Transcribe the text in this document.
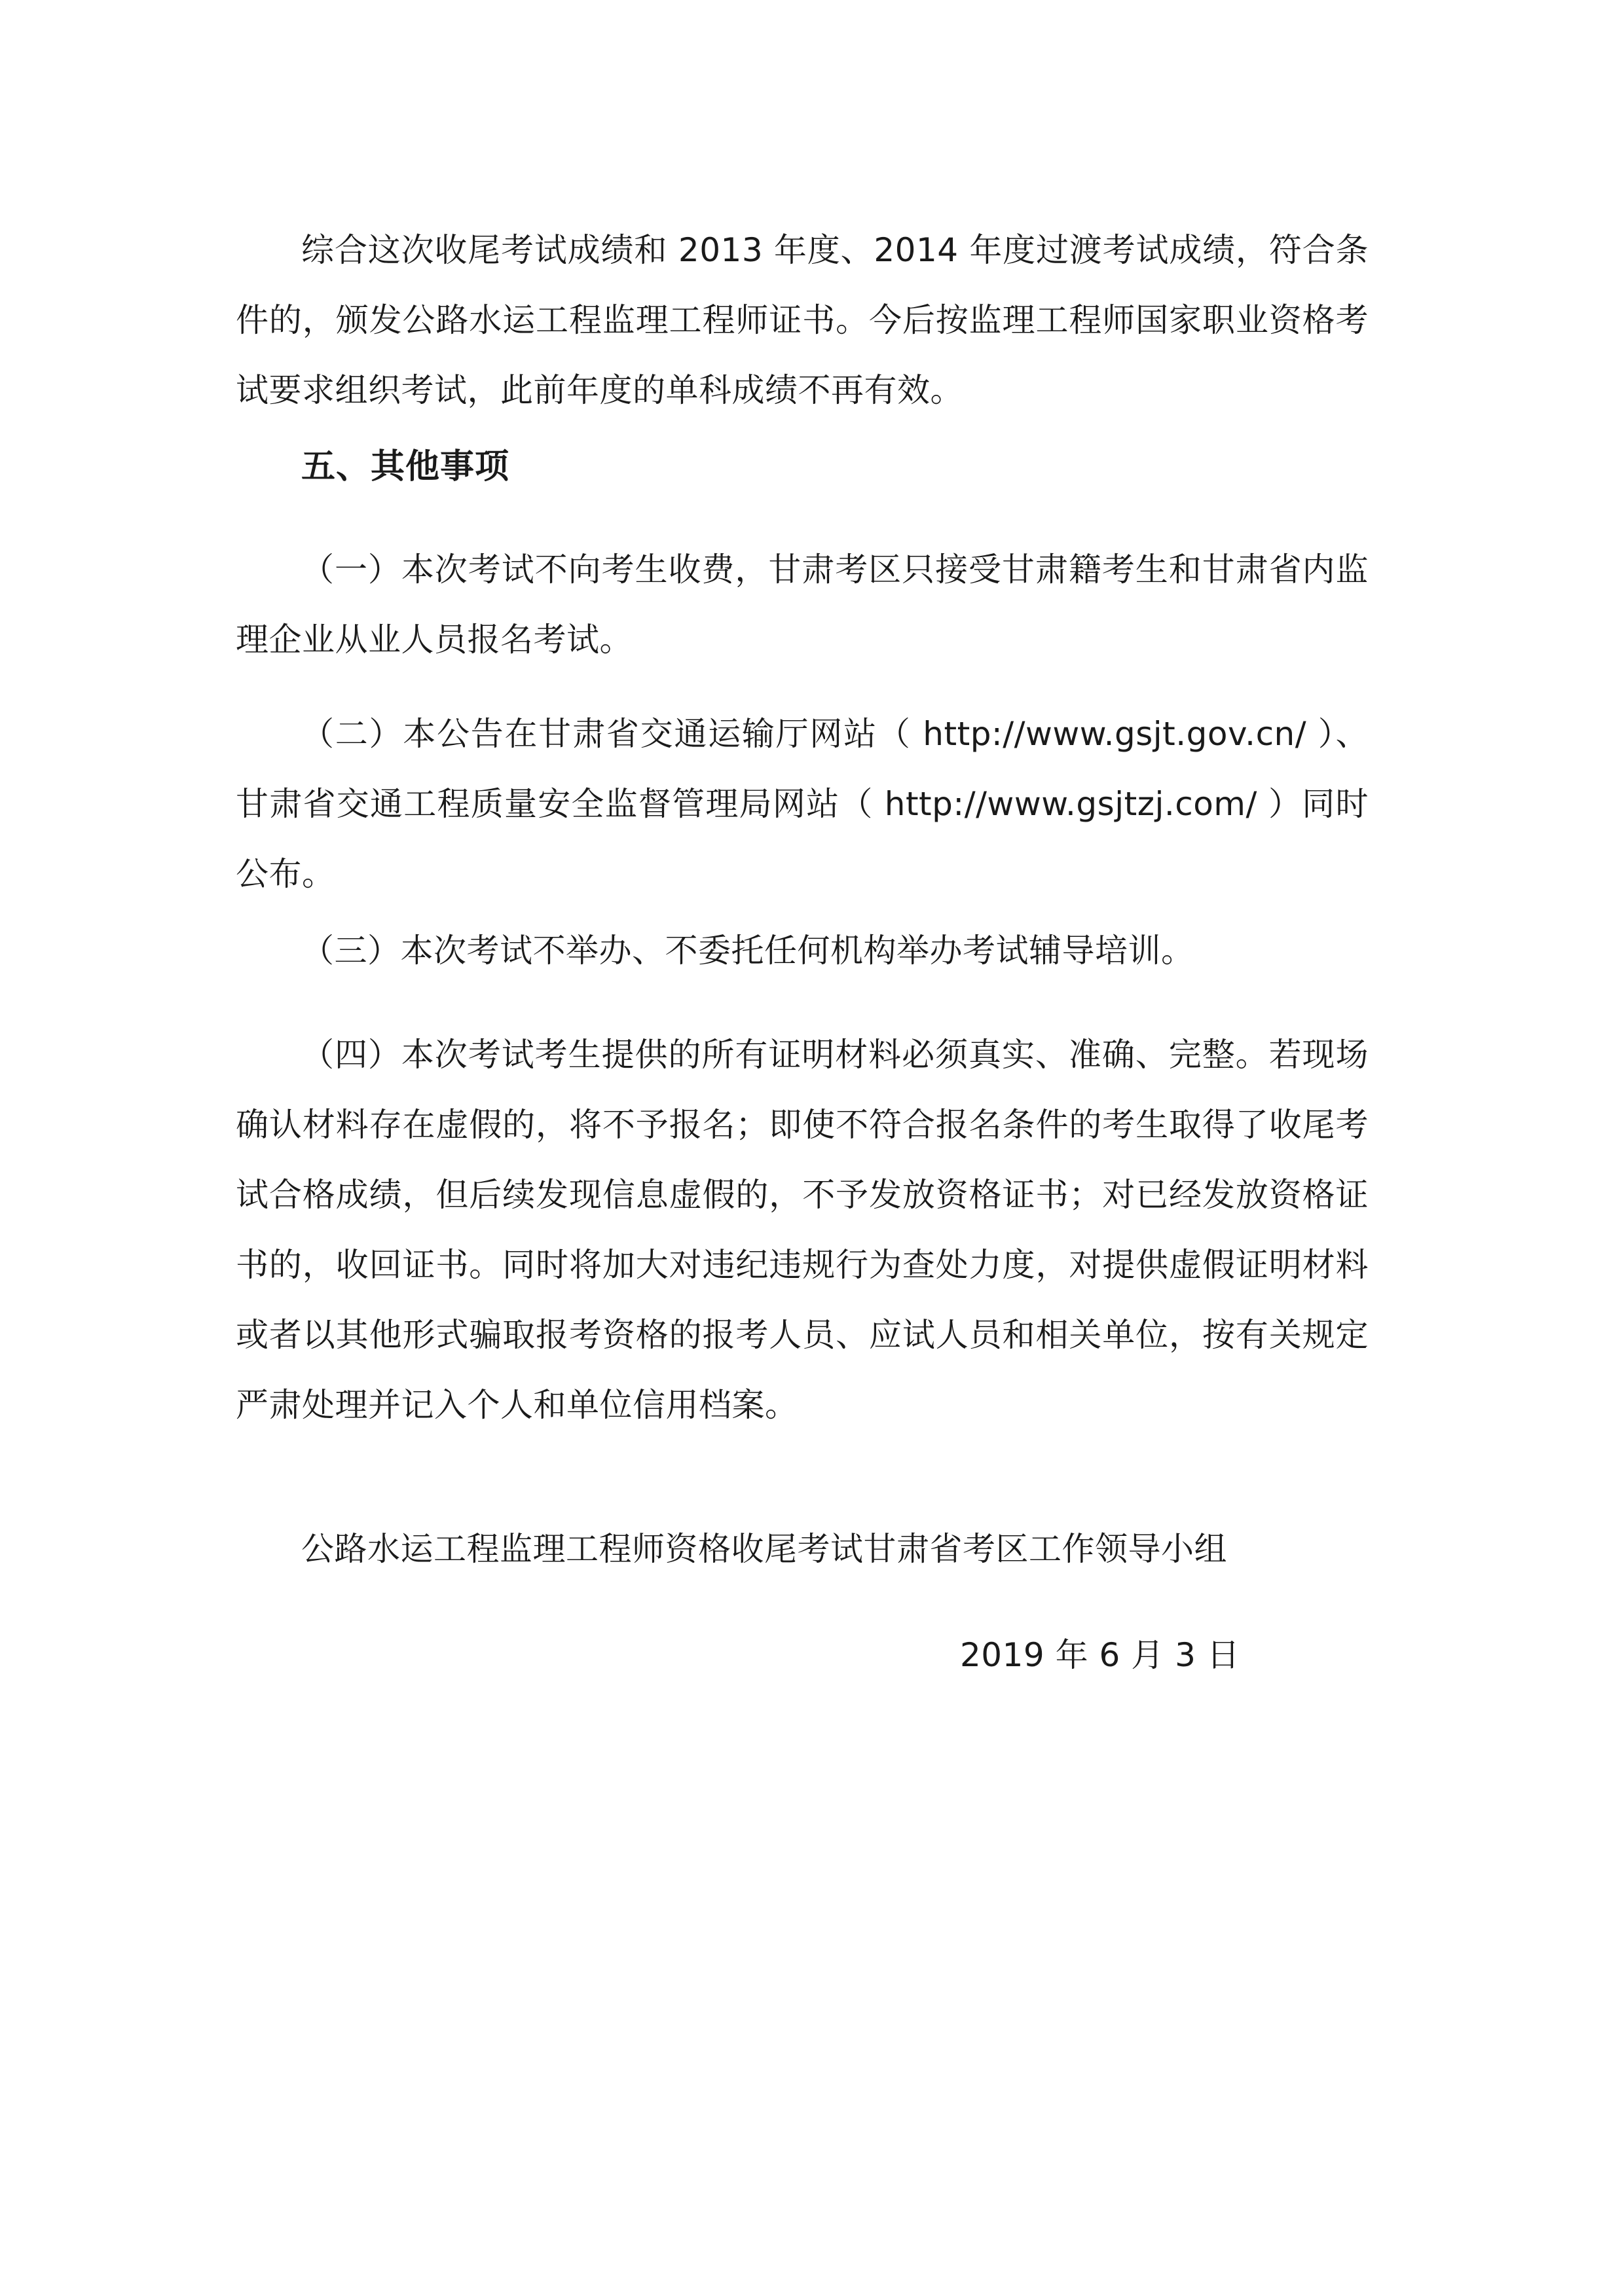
综合这次收尾考试成绩和 2013 年度、2014 年度过渡考试成绩，符合条件的，颁发公路水运工程监理工程师证书。今后按监理工程师国家职业资格考试要求组织考试，此前年度的单科成绩不再有效。

五、其他事项

（一）本次考试不向考生收费，甘肃考区只接受甘肃籍考生和甘肃省内监理企业从业人员报名考试。

（二）本公告在甘肃省交通运输厅网站（ http://www.gsjt.gov.cn/ ）、甘肃省交通工程质量安全监督管理局网站（ http://www.gsjtzj.com/ ）同时公布。

（三）本次考试不举办、不委托任何机构举办考试辅导培训。

（四）本次考试考生提供的所有证明材料必须真实、准确、完整。若现场确认材料存在虚假的，将不予报名；即使不符合报名条件的考生取得了收尾考试合格成绩，但后续发现信息虚假的，不予发放资格证书；对已经发放资格证书的，收回证书。同时将加大对违纪违规行为查处力度，对提供虚假证明材料或者以其他形式骗取报考资格的报考人员、应试人员和相关单位，按有关规定严肃处理并记入个人和单位信用档案。

公路水运工程监理工程师资格收尾考试甘肃省考区工作领导小组

2019 年 6 月 3 日
